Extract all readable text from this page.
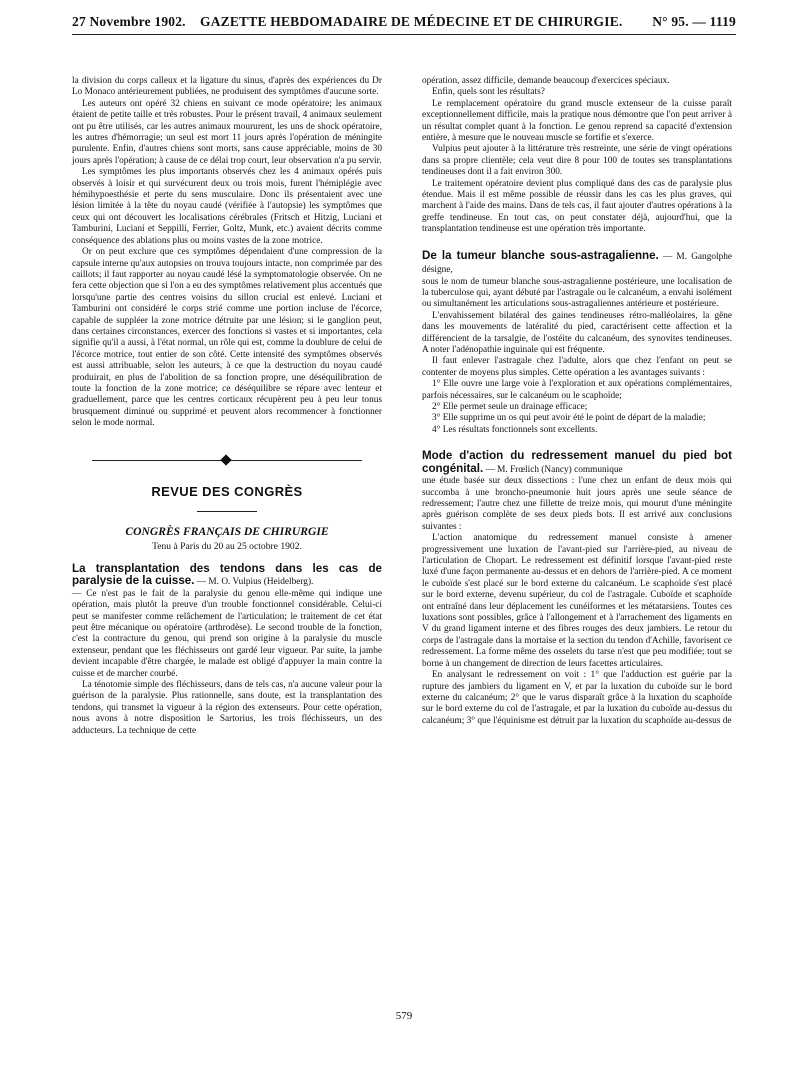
27 Novembre 1902. GAZETTE HEBDOMADAIRE DE MÉDECINE ET DE CHIRURGIE. N° 95. — 1119

la division du corps calleux et la ligature du sinus, d'après des expériences du Dr Lo Monaco antérieurement publiées, ne produisent des symptômes d'aucune sorte.

Les auteurs ont opéré 32 chiens en suivant ce mode opératoire; les animaux étaient de petite taille et très robustes. Pour le présent travail, 4 animaux seulement ont pu être utilisés, car les autres animaux moururent, les uns de shock opératoire, les autres d'hémorragie; un seul est mort 11 jours après l'opération de méningite purulente. Enfin, d'autres chiens sont morts, sans cause appréciable, moins de 30 jours après l'opération; à cause de ce délai trop court, leur observation n'a pu servir.

Les symptômes les plus importants observés chez les 4 animaux opérés puis observés à loisir et qui survécurent deux ou trois mois, furent l'hémiplégie avec hémihypoesthésie et perte du sens musculaire. Donc ils présentaient avec une lésion limitée à la tête du noyau caudé (vérifiée à l'autopsie) les symptômes que ceux qui ont découvert les localisations cérébrales (Fritsch et Hitzig, Luciani et Tamburini, Luciani et Seppilli, Ferrier, Goltz, Munk, etc.) avaient décrits comme conséquence des ablations plus ou moins vastes de la zone motrice.

Or on peut exclure que ces symptômes dépendaient d'une compression de la capsule interne qu'aux autopsies on trouva toujours intacte, non comprimée par des caillots; il faut rapporter au noyau caudé lésé la symptomatologie observée. On ne fera cette objection que si l'on a eu des symptômes relativement plus accentués que lorsqu'une partie des centres voisins du sillon crucial est enlevé. Luciani et Tamburini ont considéré le corps strié comme une portion incluse de l'écorce, capable de suppléer la zone motrice détruite par une lésion; si le ganglion peut, dans certaines circonstances, exercer des fonctions si vastes et si importantes, cela signifie qu'il a aussi, à l'état normal, un rôle qui est, comme la doublure de celui de l'écorce motrice, tout entier de son côté. Cette intensité des symptômes observés est aussi attribuable, selon les auteurs, à ce que la destruction du noyau caudé produirait, en plus de l'abolition de sa fonction propre, une déséquilibration de toute la fonction de la zone motrice; ce déséquilibre se répare avec lenteur et graduellement, parce que les centres corticaux récupèrent peu à peu leur tonus brusquement diminué ou supprimé et peuvent alors recommencer à fonctionner selon le mode normal.

REVUE DES CONGRÈS
CONGRÈS FRANÇAIS DE CHIRURGIE
Tenu à Paris du 20 au 25 octobre 1902.
La transplantation des tendons dans les cas de paralysie de la cuisse. — M. O. Vulpius (Heidelberg).

— Ce n'est pas le fait de la paralysie du genou elle-même qui indique une opération, mais plutôt la preuve d'un trouble fonctionnel considérable. Celui-ci peut se manifester comme relâchement de l'articulation; le traitement de cet état peut être mécanique ou opératoire (arthrodèse). Le second trouble de la fonction, c'est la contracture du genou, qui prend son origine à la paralysie du muscle extenseur, pendant que les fléchisseurs ont gardé leur vigueur. Par suite, la jambe devient incapable d'être chargée, le malade est obligé d'appuyer la main contre la cuisse et de marcher courbé.

La ténotomie simple des fléchisseurs, dans de tels cas, n'a aucune valeur pour la guérison de la paralysie. Plus rationnelle, sans doute, est la transplantation des tendons, qui transmet la vigueur à la région des extenseurs. Pour cette opération, nous avons à notre disposition le Sartorius, les trois fléchisseurs, un des adducteurs. La technique de cette

opération, assez difficile, demande beaucoup d'exercices spéciaux.

Enfin, quels sont les résultats?

Le remplacement opératoire du grand muscle extenseur de la cuisse paraît exceptionnellement difficile, mais la pratique nous démontre que l'on peut arriver à un résultat complet quant à la fonction. Le genou reprend sa capacité d'extension entière, à mesure que le nouveau muscle se fortifie et s'exerce.

Vulpius peut ajouter à la littérature très restreinte, une série de vingt opérations dans sa propre clientèle; cela veut dire 8 pour 100 de toutes ses transplantations tendineuses dont il a fait environ 300.

Le traitement opératoire devient plus compliqué dans des cas de paralysie plus étendue. Mais il est même possible de réussir dans les cas les plus graves, qui marchent à l'aide des mains. Dans de tels cas, il faut ajouter d'autres opérations à la greffe tendineuse. En tout cas, on peut constater déjà, aujourd'hui, que la transplantation tendineuse est une opération très importante.

De la tumeur blanche sous-astragalienne. — M. Gangolphe désigne,

sous le nom de tumeur blanche sous-astragalienne postérieure, une localisation de la tuberculose qui, ayant débuté par l'astragale ou le calcanéum, a envahi isolément ou simultanément les articulations sous-astragaliennes antérieure et postérieure.

L'envahissement bilatéral des gaines tendineuses rétro-malléolaires, la gêne dans les mouvements de latéralité du pied, caractérisent cette affection et la différencient de la tarsalgie, de l'ostéite du calcanéum, des synovites tendineuses. A noter l'adénopathie inguinale qui est fréquente.

Il faut enlever l'astragale chez l'adulte, alors que chez l'enfant on peut se contenter de moyens plus simples. Cette opération a les avantages suivants :

1° Elle ouvre une large voie à l'exploration et aux opérations complémentaires, parfois nécessaires, sur le calcanéum ou le scaphoïde;

2° Elle permet seule un drainage efficace;

3° Elle supprime un os qui peut avoir été le point de départ de la maladie;

4° Les résultats fonctionnels sont excellents.

Mode d'action du redressement manuel du pied bot congénital. — M. Frœlich (Nancy) communique

une étude basée sur deux dissections : l'une chez un enfant de deux mois qui succomba à une broncho-pneumonie huit jours après une seule séance de redressement; l'autre chez une fillette de treize mois, qui mourut d'une méningite après guérison complète de ses deux pieds bots. Il est arrivé aux conclusions suivantes :

L'action anatomique du redressement manuel consiste à amener progressivement une luxation de l'avant-pied sur l'arrière-pied, au niveau de l'articulation de Chopart. Le redressement est définitif lorsque l'avant-pied reste luxé d'une façon permanente au-dessus et en dehors de l'arrière-pied. A ce moment le cuboïde s'est placé sur le bord externe du calcanéum. Le scaphoïde s'est placé sur le bord externe, devenu supérieur, du col de l'astragale. Cuboïde et scaphoïde ont entraîné dans leur déplacement les cunéiformes et les métatarsiens. Toutes ces luxations sont possibles, grâce à l'allongement et à l'arrachement des ligaments en V du grand ligament interne et des fibres rouges des deux jambiers. Le retour du corps de l'astragale dans la mortaise et la section du tendon d'Achille, favorisent ce redressement. La forme même des osselets du tarse n'est que peu modifiée; tout se borne à un changement de direction de leurs facettes articulaires.

En analysant le redressement on voit : 1° que l'adduction est guérie par la rupture des jambiers du ligament en V, et par la luxation du cuboïde sur le bord externe du calcanéum; 2° que le varus disparaît grâce à la luxation du scaphoïde sur le bord externe du col de l'astragale, et par la luxation du cuboïde au-dessus du calcanéum; 3° que l'équinisme est détruit par la luxation du scaphoïde au-dessus de

579
